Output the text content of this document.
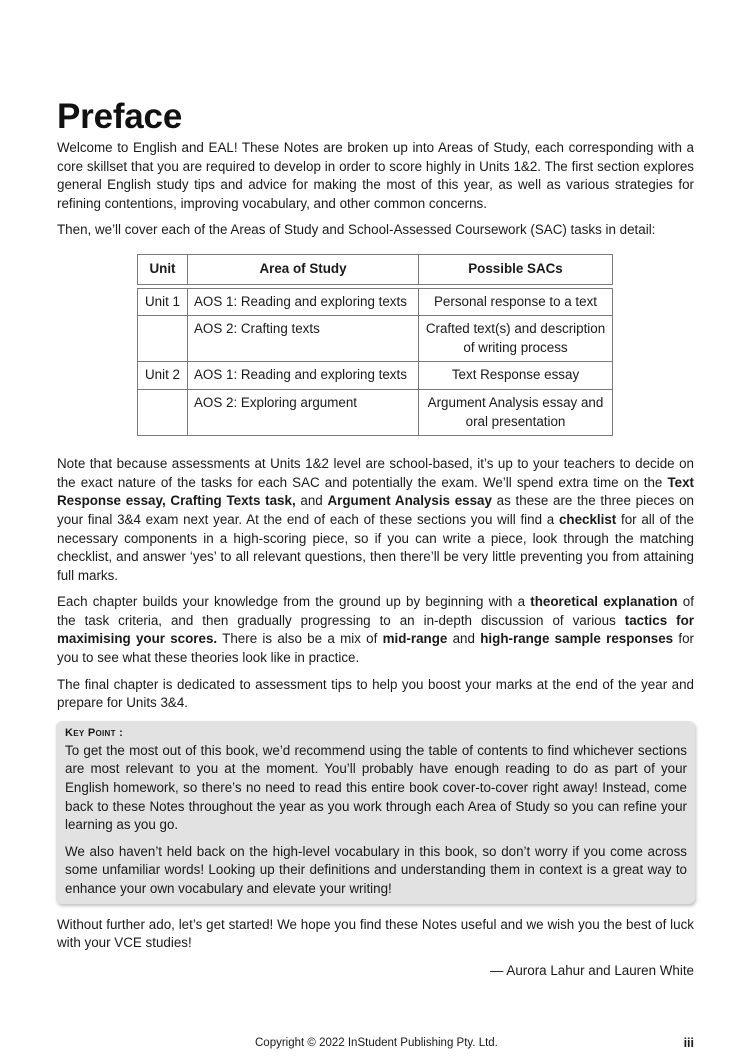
Preface

Welcome to English and EAL! These Notes are broken up into Areas of Study, each corresponding with a core skillset that you are required to develop in order to score highly in Units 1&2. The first section explores general English study tips and advice for making the most of this year, as well as various strategies for refining contentions, improving vocabulary, and other common concerns.

Then, we’ll cover each of the Areas of Study and School-Assessed Coursework (SAC) tasks in detail:

Unit	Area of Study	Possible SACs

Unit 1	AOS 1: Reading and exploring texts	Personal response to a text
	AOS 2: Crafting texts	Crafted text(s) and description of writing process
Unit 2	AOS 1: Reading and exploring texts	Text Response essay
	AOS 2: Exploring argument	Argument Analysis essay and oral presentation

Note that because assessments at Units 1&2 level are school-based, it’s up to your teachers to decide on the exact nature of the tasks for each SAC and potentially the exam. We’ll spend extra time on the Text Response essay, Crafting Texts task, and Argument Analysis essay as these are the three pieces on your final 3&4 exam next year. At the end of each of these sections you will find a checklist for all of the necessary components in a high-scoring piece, so if you can write a piece, look through the matching checklist, and answer ‘yes’ to all relevant questions, then there’ll be very little preventing you from attaining full marks.

Each chapter builds your knowledge from the ground up by beginning with a theoretical explanation of the task criteria, and then gradually progressing to an in-depth discussion of various tactics for maximising your scores. There is also be a mix of mid-range and high-range sample responses for you to see what these theories look like in practice.

The final chapter is dedicated to assessment tips to help you boost your marks at the end of the year and prepare for Units 3&4.

Key Point :

To get the most out of this book, we’d recommend using the table of contents to find whichever sections are most relevant to you at the moment. You’ll probably have enough reading to do as part of your English homework, so there’s no need to read this entire book cover-to-cover right away! Instead, come back to these Notes throughout the year as you work through each Area of Study so you can refine your learning as you go.

We also haven’t held back on the high-level vocabulary in this book, so don’t worry if you come across some unfamiliar words! Looking up their definitions and understanding them in context is a great way to enhance your own vocabulary and elevate your writing!

Without further ado, let’s get started! We hope you find these Notes useful and we wish you the best of luck with your VCE studies!

— Aurora Lahur and Lauren White
Copyright © 2022 InStudent Publishing Pty. Ltd.	iii
